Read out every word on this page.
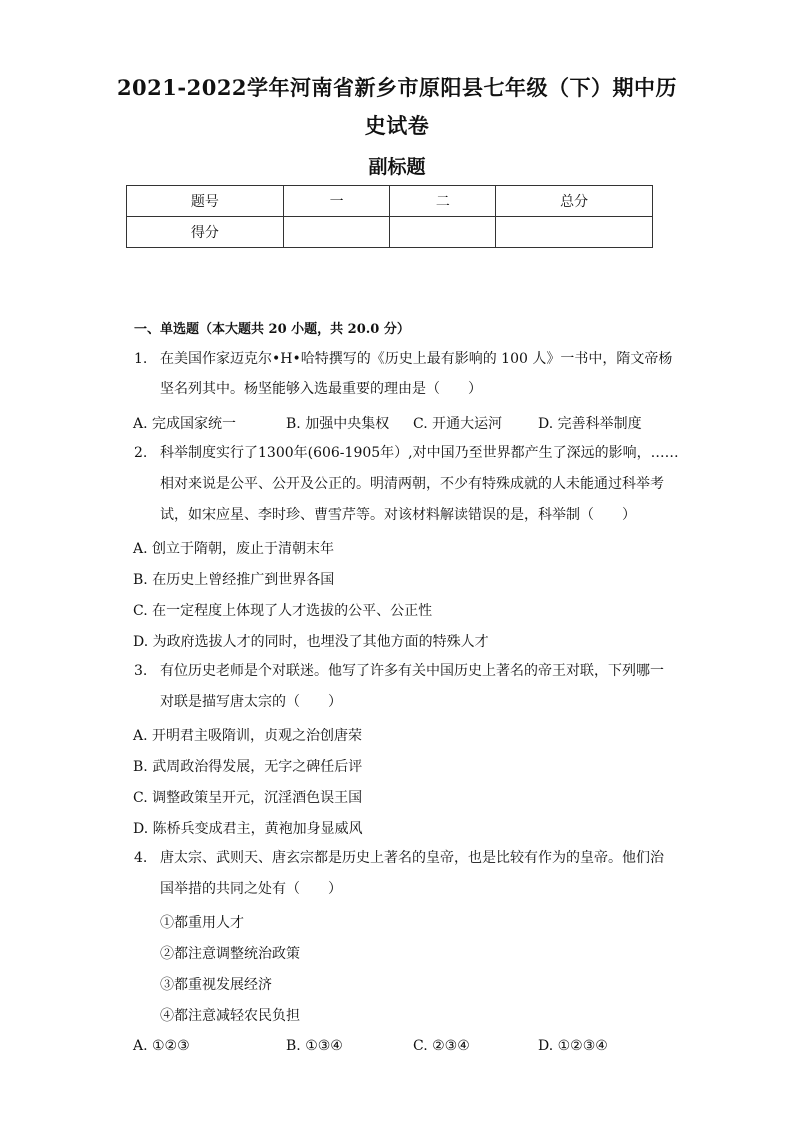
2021-2022学年河南省新乡市原阳县七年级（下）期中历
史试卷
副标题
题号	一	二	总分
得分			
一、单选题（本大题共 20 小题，共 20.0 分）
1. 在美国作家迈克尔•H•哈特撰写的《历史上最有影响的 100 人》一书中，隋文帝杨
坚名列其中。杨坚能够入选最重要的理由是（　　）
A. 完成国家统一	B. 加强中央集权 C. 开通大运河	D. 完善科举制度
2. 科举制度实行了1300年(606-1905年）,对中国乃至世界都产生了深远的影响，……
相对来说是公平、公开及公正的。明清两朝，不少有特殊成就的人未能通过科举考
试，如宋应星、李时珍、曹雪芹等。对该材料解读错误的是，科举制（　　）
A. 创立于隋朝，废止于清朝末年
B. 在历史上曾经推广到世界各国
C. 在一定程度上体现了人才选拔的公平、公正性
D. 为政府选拔人才的同时，也埋没了其他方面的特殊人才
3. 有位历史老师是个对联迷。他写了许多有关中国历史上著名的帝王对联，下列哪一
对联是描写唐太宗的（　　）
A. 开明君主吸隋训，贞观之治创唐荣
B. 武周政治得发展，无字之碑任后评
C. 调整政策呈开元，沉淫酒色误王国
D. 陈桥兵变成君主，黄袍加身显威风
4. 唐太宗、武则天、唐玄宗都是历史上著名的皇帝，也是比较有作为的皇帝。他们治
国举措的共同之处有（　　）
①都重用人才
②都注意调整统治政策
③都重视发展经济
④都注意减轻农民负担
A. ①②③	B. ①③④	C. ②③④	D. ①②③④
